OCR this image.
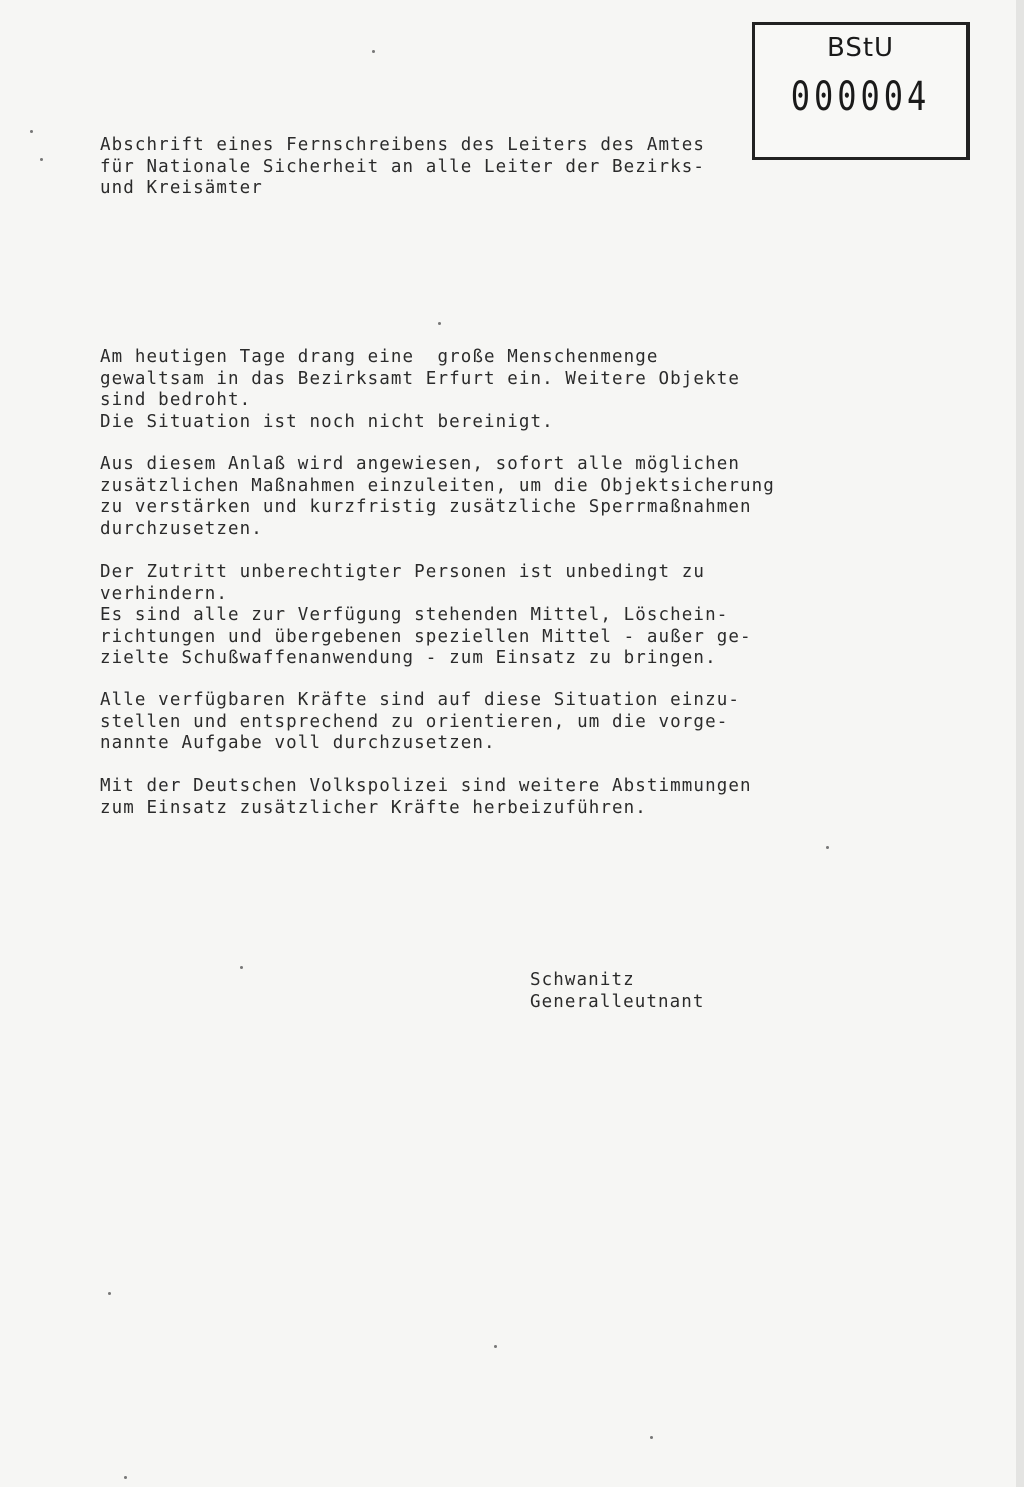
BStU
000004
Abschrift eines Fernschreibens des Leiters des Amtes
für Nationale Sicherheit an alle Leiter der Bezirks-
und Kreisämter
Am heutigen Tage drang eine  große Menschenmenge
gewaltsam in das Bezirksamt Erfurt ein. Weitere Objekte
sind bedroht.
Die Situation ist noch nicht bereinigt.
Aus diesem Anlaß wird angewiesen, sofort alle möglichen
zusätzlichen Maßnahmen einzuleiten, um die Objektsicherung
zu verstärken und kurzfristig zusätzliche Sperrmaßnahmen
durchzusetzen.
Der Zutritt unberechtigter Personen ist unbedingt zu
verhindern.
Es sind alle zur Verfügung stehenden Mittel, Löschein-
richtungen und übergebenen speziellen Mittel - außer ge-
zielte Schußwaffenanwendung - zum Einsatz zu bringen.
Alle verfügbaren Kräfte sind auf diese Situation einzu-
stellen und entsprechend zu orientieren, um die vorge-
nannte Aufgabe voll durchzusetzen.
Mit der Deutschen Volkspolizei sind weitere Abstimmungen
zum Einsatz zusätzlicher Kräfte herbeizuführen.
Schwanitz
Generalleutnant
